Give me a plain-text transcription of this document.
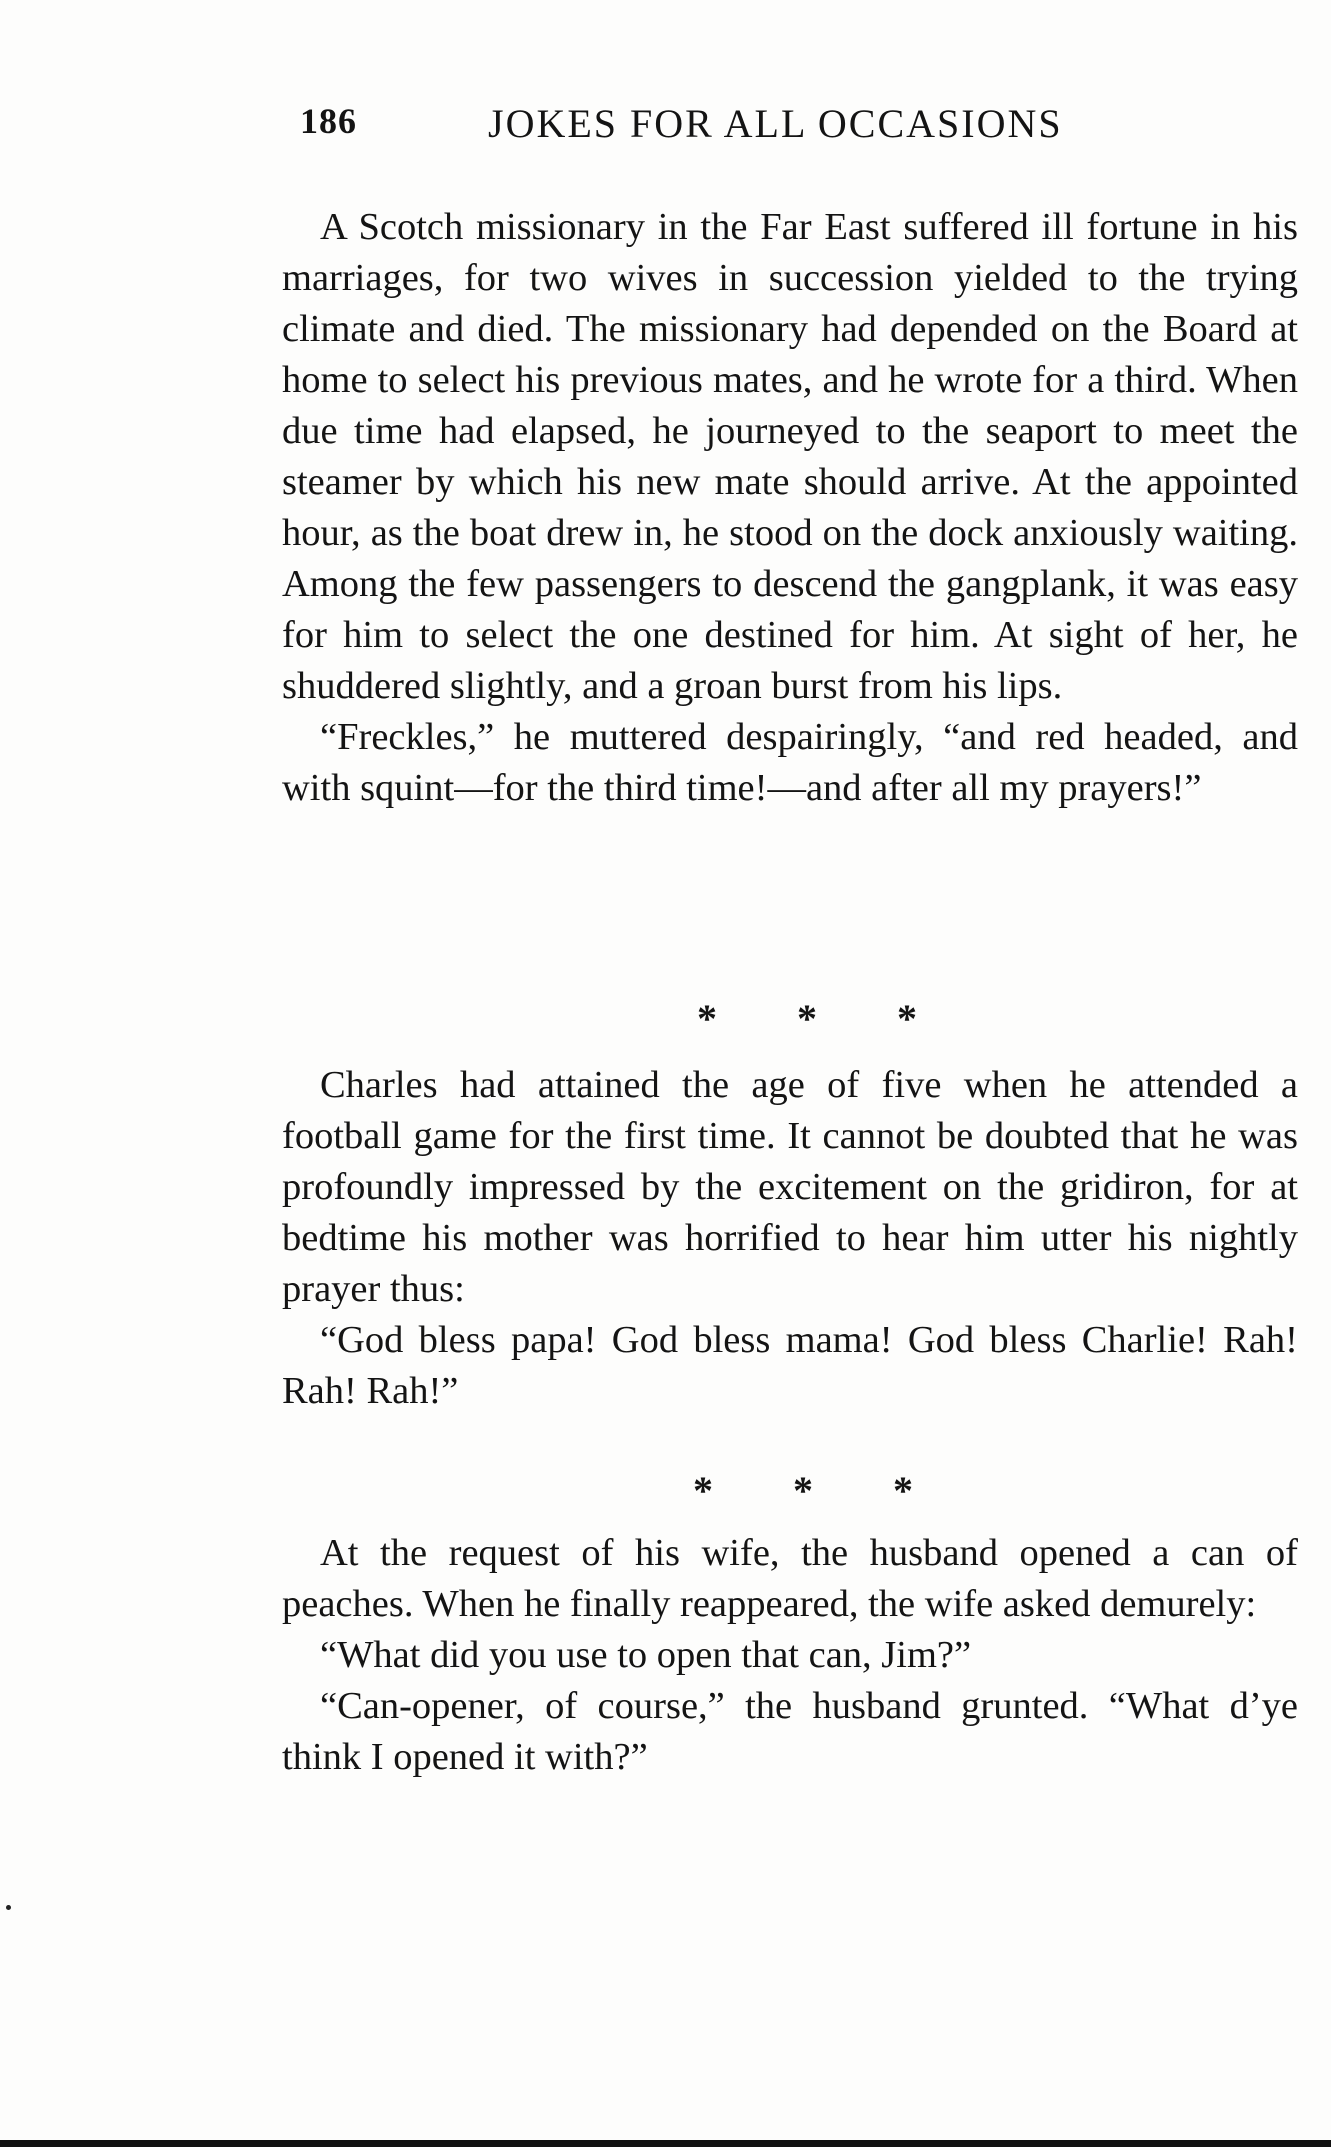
186	JOKES FOR ALL OCCASIONS

A Scotch missionary in the Far East suffered ill fortune in his marriages, for two wives in succession yielded to the trying climate and died. The missionary had depended on the Board at home to select his previous mates, and he wrote for a third. When due time had elapsed, he journeyed to the seaport to meet the steamer by which his new mate should arrive. At the appointed hour, as the boat drew in, he stood on the dock anxiously waiting. Among the few passengers to descend the gangplank, it was easy for him to select the one destined for him. At sight of her, he shuddered slightly, and a groan burst from his lips.

“Freckles,” he muttered despairingly, “and red headed, and with squint—for the third time!—and after all my prayers!”

* * *

Charles had attained the age of five when he attended a football game for the first time. It cannot be doubted that he was profoundly impressed by the excitement on the gridiron, for at bedtime his mother was horrified to hear him utter his nightly prayer thus:

“God bless papa! God bless mama! God bless Charlie! Rah! Rah! Rah!”

* * *

At the request of his wife, the husband opened a can of peaches. When he finally reappeared, the wife asked demurely:

“What did you use to open that can, Jim?”

“Can-opener, of course,” the husband grunted. “What d’ye think I opened it with?”
